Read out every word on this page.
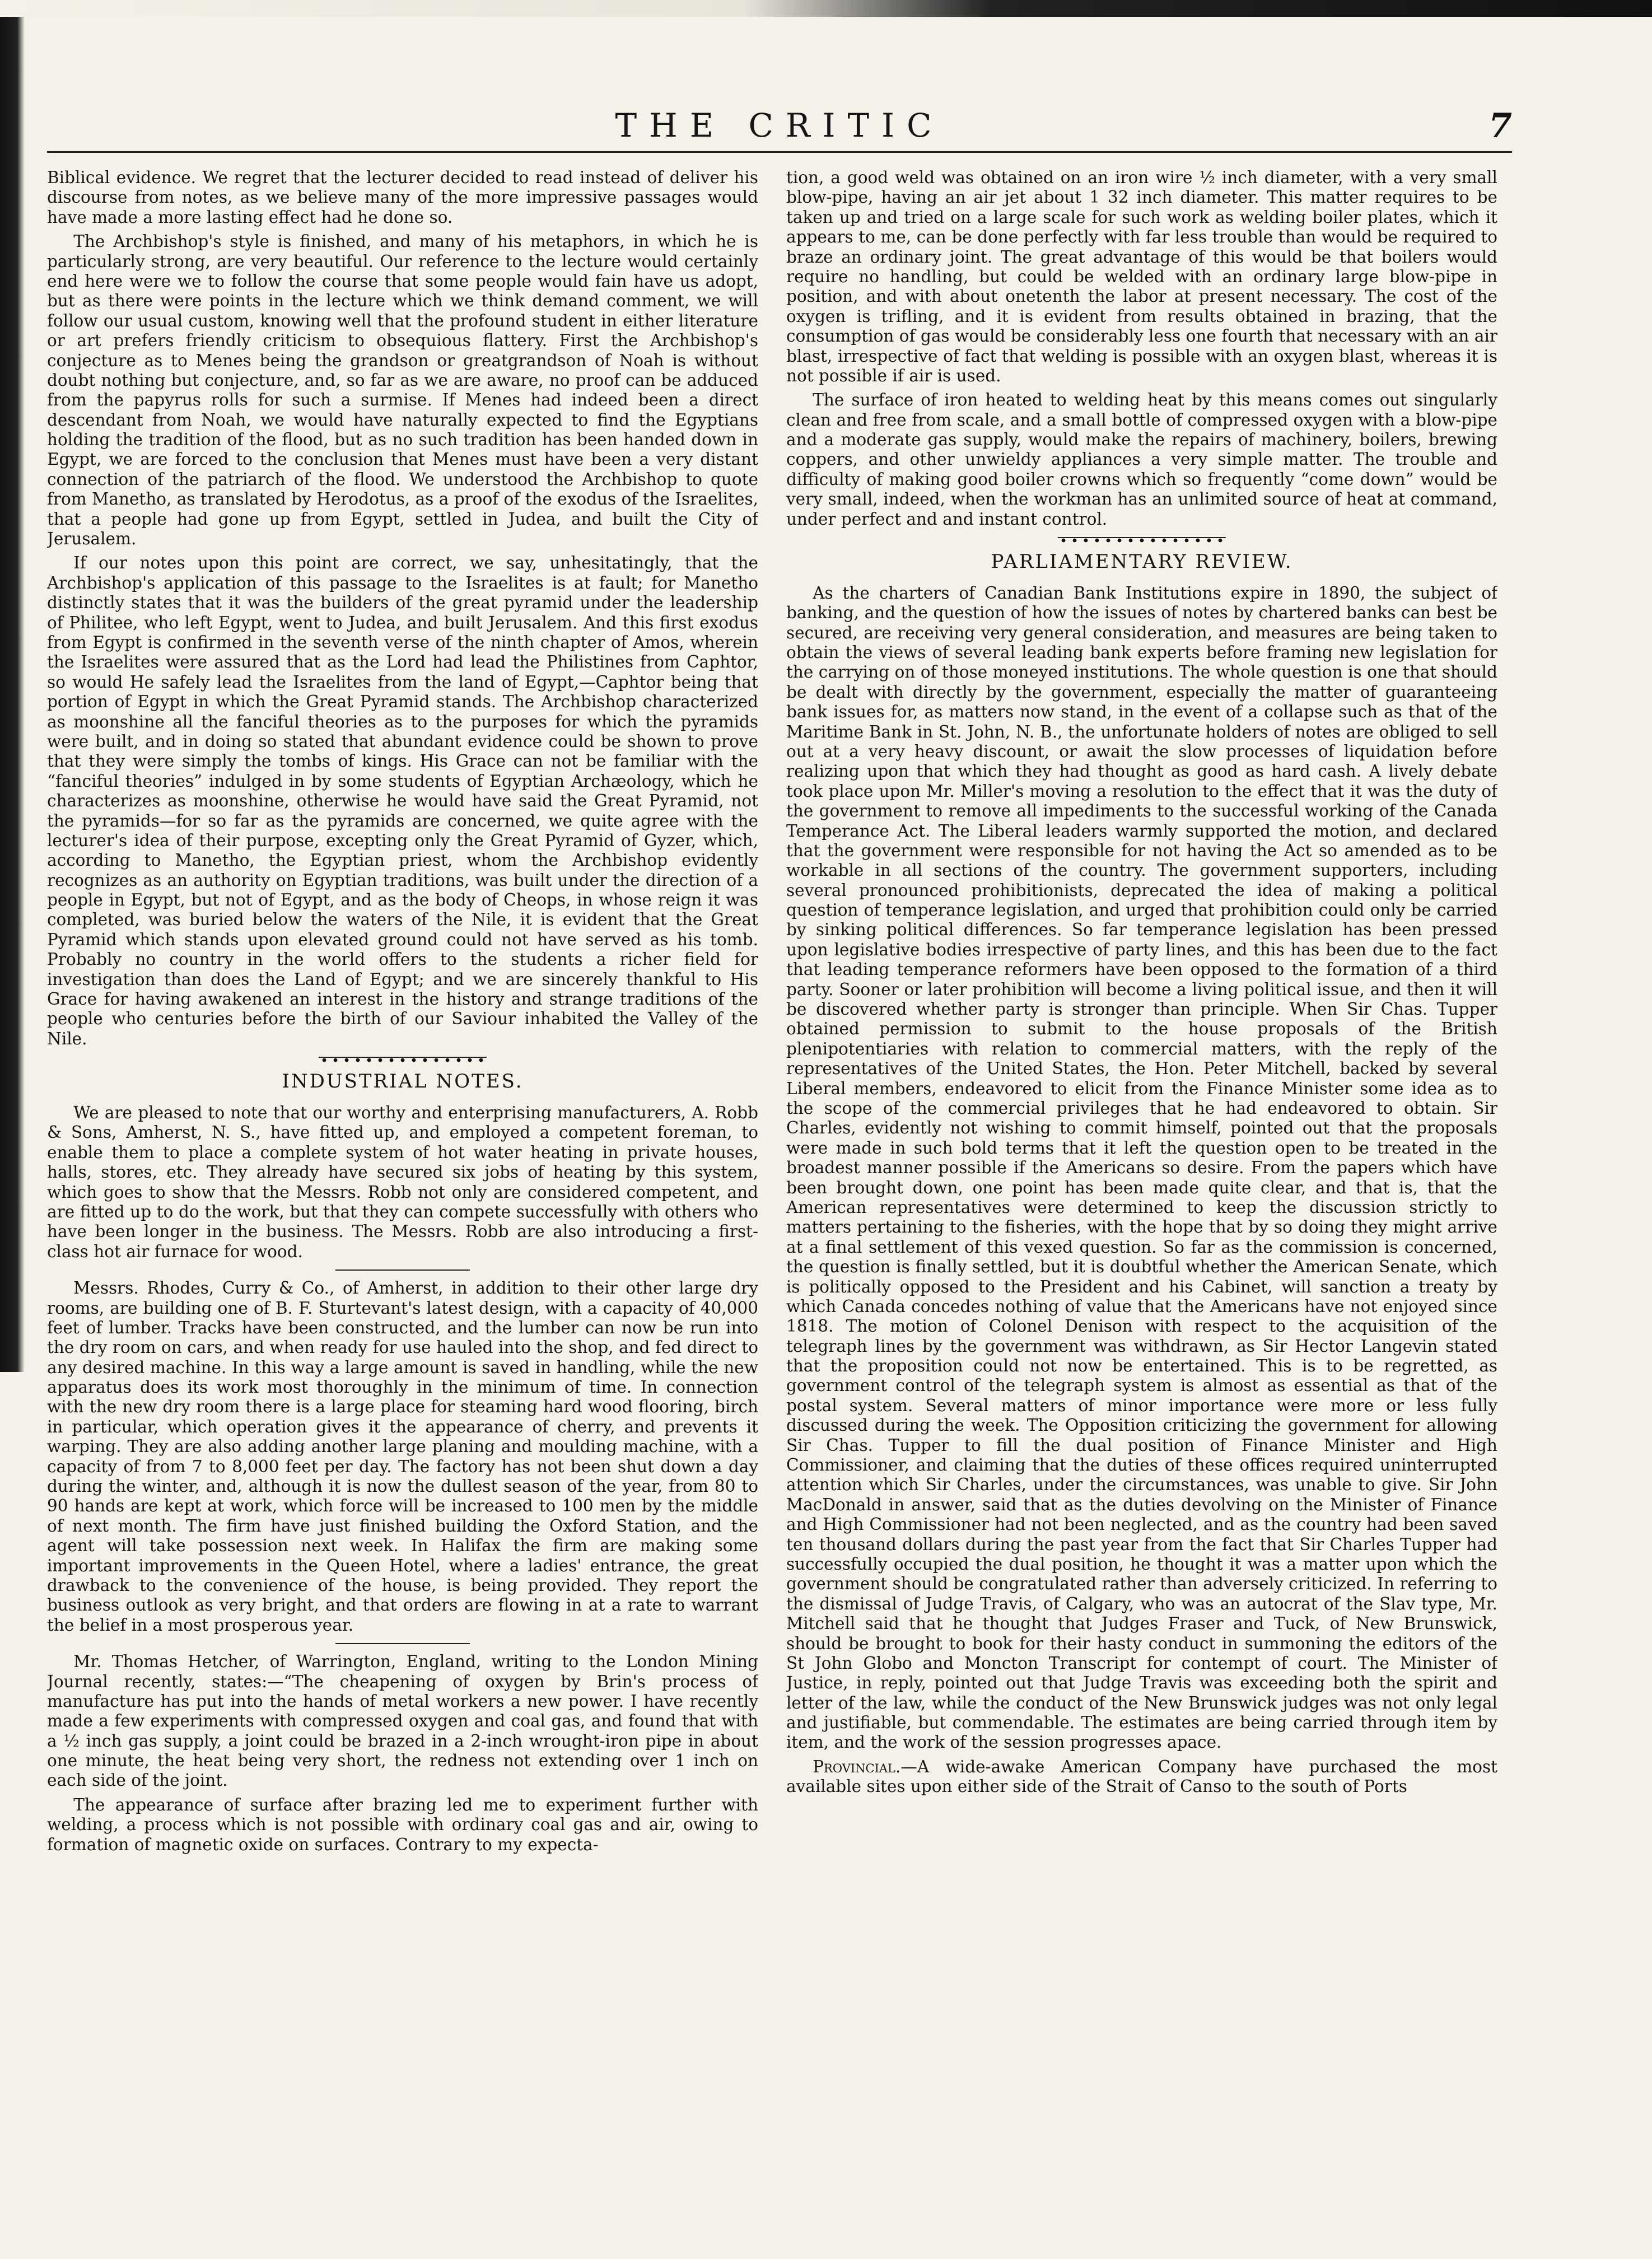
THE CRITIC	7

Biblical evidence. We regret that the lecturer decided to read instead of deliver his discourse from notes, as we believe many of the more impressive passages would have made a more lasting effect had he done so.

The Archbishop's style is finished, and many of his metaphors, in which he is particularly strong, are very beautiful. Our reference to the lecture would certainly end here were we to follow the course that some people would fain have us adopt, but as there were points in the lecture which we think demand comment, we will follow our usual custom, knowing well that the profound student in either literature or art prefers friendly criticism to obsequious flattery. First the Archbishop's conjecture as to Menes being the grandson or greatgrandson of Noah is without doubt nothing but conjecture, and, so far as we are aware, no proof can be adduced from the papyrus rolls for such a surmise. If Menes had indeed been a direct descendant from Noah, we would have naturally expected to find the Egyptians holding the tradition of the flood, but as no such tradition has been handed down in Egypt, we are forced to the conclusion that Menes must have been a very distant connection of the patriarch of the flood. We understood the Archbishop to quote from Manetho, as translated by Herodotus, as a proof of the exodus of the Israelites, that a people had gone up from Egypt, settled in Judea, and built the City of Jerusalem.

If our notes upon this point are correct, we say, unhesitatingly, that the Archbishop's application of this passage to the Israelites is at fault; for Manetho distinctly states that it was the builders of the great pyramid under the leadership of Philitee, who left Egypt, went to Judea, and built Jerusalem. And this first exodus from Egypt is confirmed in the seventh verse of the ninth chapter of Amos, wherein the Israelites were assured that as the Lord had lead the Philistines from Caphtor, so would He safely lead the Israelites from the land of Egypt,—Caphtor being that portion of Egypt in which the Great Pyramid stands. The Archbishop characterized as moonshine all the fanciful theories as to the purposes for which the pyramids were built, and in doing so stated that abundant evidence could be shown to prove that they were simply the tombs of kings. His Grace can not be familiar with the “fanciful theories” indulged in by some students of Egyptian Archæology, which he characterizes as moonshine, otherwise he would have said the Great Pyramid, not the pyramids—for so far as the pyramids are concerned, we quite agree with the lecturer's idea of their purpose, excepting only the Great Pyramid of Gyzer, which, according to Manetho, the Egyptian priest, whom the Archbishop evidently recognizes as an authority on Egyptian traditions, was built under the direction of a people in Egypt, but not of Egypt, and as the body of Cheops, in whose reign it was completed, was buried below the waters of the Nile, it is evident that the Great Pyramid which stands upon elevated ground could not have served as his tomb. Probably no country in the world offers to the students a richer field for investigation than does the Land of Egypt; and we are sincerely thankful to His Grace for having awakened an interest in the history and strange traditions of the people who centuries before the birth of our Saviour inhabited the Valley of the Nile.

INDUSTRIAL NOTES.

We are pleased to note that our worthy and enterprising manufacturers, A. Robb & Sons, Amherst, N. S., have fitted up, and employed a competent foreman, to enable them to place a complete system of hot water heating in private houses, halls, stores, etc. They already have secured six jobs of heating by this system, which goes to show that the Messrs. Robb not only are considered competent, and are fitted up to do the work, but that they can compete successfully with others who have been longer in the business. The Messrs. Robb are also introducing a first-class hot air furnace for wood.

Messrs. Rhodes, Curry & Co., of Amherst, in addition to their other large dry rooms, are building one of B. F. Sturtevant's latest design, with a capacity of 40,000 feet of lumber. Tracks have been constructed, and the lumber can now be run into the dry room on cars, and when ready for use hauled into the shop, and fed direct to any desired machine. In this way a large amount is saved in handling, while the new apparatus does its work most thoroughly in the minimum of time. In connection with the new dry room there is a large place for steaming hard wood flooring, birch in particular, which operation gives it the appearance of cherry, and prevents it warping. They are also adding another large planing and moulding machine, with a capacity of from 7 to 8,000 feet per day. The factory has not been shut down a day during the winter, and, although it is now the dullest season of the year, from 80 to 90 hands are kept at work, which force will be increased to 100 men by the middle of next month. The firm have just finished building the Oxford Station, and the agent will take possession next week. In Halifax the firm are making some important improvements in the Queen Hotel, where a ladies' entrance, the great drawback to the convenience of the house, is being provided. They report the business outlook as very bright, and that orders are flowing in at a rate to warrant the belief in a most prosperous year.

Mr. Thomas Hetcher, of Warrington, England, writing to the London Mining Journal recently, states:—“The cheapening of oxygen by Brin's process of manufacture has put into the hands of metal workers a new power. I have recently made a few experiments with compressed oxygen and coal gas, and found that with a ½ inch gas supply, a joint could be brazed in a 2-inch wrought-iron pipe in about one minute, the heat being very short, the redness not extending over 1 inch on each side of the joint.

The appearance of surface after brazing led me to experiment further with welding, a process which is not possible with ordinary coal gas and air, owing to formation of magnetic oxide on surfaces. Contrary to my expecta-

tion, a good weld was obtained on an iron wire ½ inch diameter, with a very small blow-pipe, having an air jet about 1 32 inch diameter. This matter requires to be taken up and tried on a large scale for such work as welding boiler plates, which it appears to me, can be done perfectly with far less trouble than would be required to braze an ordinary joint. The great advantage of this would be that boilers would require no handling, but could be welded with an ordinary large blow-pipe in position, and with about onetenth the labor at present necessary. The cost of the oxygen is trifling, and it is evident from results obtained in brazing, that the consumption of gas would be considerably less one fourth that necessary with an air blast, irrespective of fact that welding is possible with an oxygen blast, whereas it is not possible if air is used.

The surface of iron heated to welding heat by this means comes out singularly clean and free from scale, and a small bottle of compressed oxygen with a blow-pipe and a moderate gas supply, would make the repairs of machinery, boilers, brewing coppers, and other unwieldy appliances a very simple matter. The trouble and difficulty of making good boiler crowns which so frequently “come down” would be very small, indeed, when the workman has an unlimited source of heat at command, under perfect and and instant control.

PARLIAMENTARY REVIEW.

As the charters of Canadian Bank Institutions expire in 1890, the subject of banking, and the question of how the issues of notes by chartered banks can best be secured, are receiving very general consideration, and measures are being taken to obtain the views of several leading bank experts before framing new legislation for the carrying on of those moneyed institutions. The whole question is one that should be dealt with directly by the government, especially the matter of guaranteeing bank issues for, as matters now stand, in the event of a collapse such as that of the Maritime Bank in St. John, N. B., the unfortunate holders of notes are obliged to sell out at a very heavy discount, or await the slow processes of liquidation before realizing upon that which they had thought as good as hard cash. A lively debate took place upon Mr. Miller's moving a resolution to the effect that it was the duty of the government to remove all impediments to the successful working of the Canada Temperance Act. The Liberal leaders warmly supported the motion, and declared that the government were responsible for not having the Act so amended as to be workable in all sections of the country. The government supporters, including several pronounced prohibitionists, deprecated the idea of making a political question of temperance legislation, and urged that prohibition could only be carried by sinking political differences. So far temperance legislation has been pressed upon legislative bodies irrespective of party lines, and this has been due to the fact that leading temperance reformers have been opposed to the formation of a third party. Sooner or later prohibition will become a living political issue, and then it will be discovered whether party is stronger than principle. When Sir Chas. Tupper obtained permission to submit to the house proposals of the British plenipotentiaries with relation to commercial matters, with the reply of the representatives of the United States, the Hon. Peter Mitchell, backed by several Liberal members, endeavored to elicit from the Finance Minister some idea as to the scope of the commercial privileges that he had endeavored to obtain. Sir Charles, evidently not wishing to commit himself, pointed out that the proposals were made in such bold terms that it left the question open to be treated in the broadest manner possible if the Americans so desire. From the papers which have been brought down, one point has been made quite clear, and that is, that the American representatives were determined to keep the discussion strictly to matters pertaining to the fisheries, with the hope that by so doing they might arrive at a final settlement of this vexed question. So far as the commission is concerned, the question is finally settled, but it is doubtful whether the American Senate, which is politically opposed to the President and his Cabinet, will sanction a treaty by which Canada concedes nothing of value that the Americans have not enjoyed since 1818. The motion of Colonel Denison with respect to the acquisition of the telegraph lines by the government was withdrawn, as Sir Hector Langevin stated that the proposition could not now be entertained. This is to be regretted, as government control of the telegraph system is almost as essential as that of the postal system. Several matters of minor importance were more or less fully discussed during the week. The Opposition criticizing the government for allowing Sir Chas. Tupper to fill the dual position of Finance Minister and High Commissioner, and claiming that the duties of these offices required uninterrupted attention which Sir Charles, under the circumstances, was unable to give. Sir John MacDonald in answer, said that as the duties devolving on the Minister of Finance and High Commissioner had not been neglected, and as the country had been saved ten thousand dollars during the past year from the fact that Sir Charles Tupper had successfully occupied the dual position, he thought it was a matter upon which the government should be congratulated rather than adversely criticized. In referring to the dismissal of Judge Travis, of Calgary, who was an autocrat of the Slav type, Mr. Mitchell said that he thought that Judges Fraser and Tuck, of New Brunswick, should be brought to book for their hasty conduct in summoning the editors of the St John Globo and Moncton Transcript for contempt of court. The Minister of Justice, in reply, pointed out that Judge Travis was exceeding both the spirit and letter of the law, while the conduct of the New Brunswick judges was not only legal and justifiable, but commendable. The estimates are being carried through item by item, and the work of the session progresses apace.

Provincial.—A wide-awake American Company have purchased the most available sites upon either side of the Strait of Canso to the south of Ports
